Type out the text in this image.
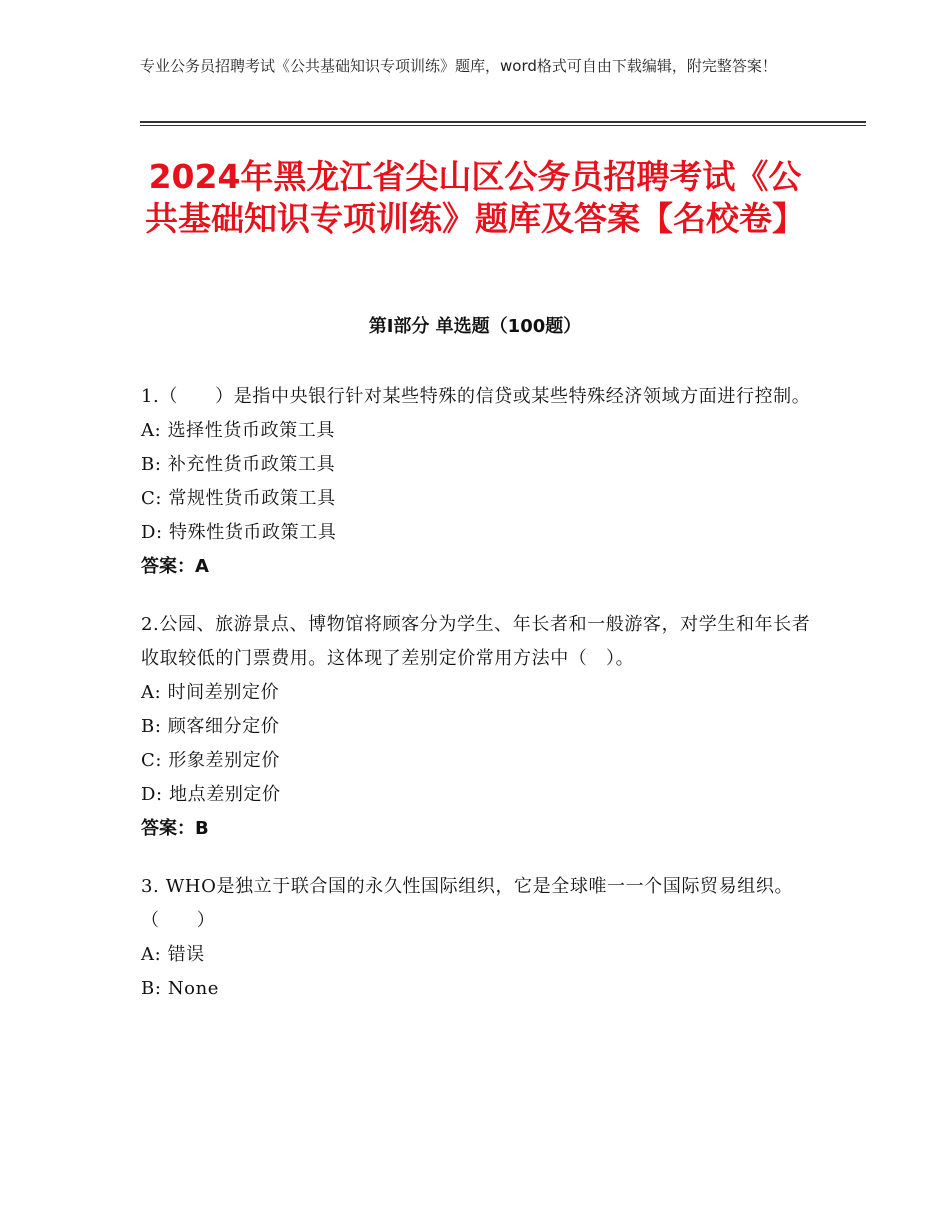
专业公务员招聘考试《公共基础知识专项训练》题库，word格式可自由下载编辑，附完整答案！
2024年黑龙江省尖山区公务员招聘考试《公共基础知识专项训练》题库及答案【名校卷】
第Ⅰ部分 单选题（100题）
1.（　　）是指中央银行针对某些特殊的信贷或某些特殊经济领域方面进行控制。
A: 选择性货币政策工具
B: 补充性货币政策工具
C: 常规性货币政策工具
D: 特殊性货币政策工具
答案：A
2.公园、旅游景点、博物馆将顾客分为学生、年长者和一般游客，对学生和年长者收取较低的门票费用。这体现了差别定价常用方法中（　）。
A: 时间差别定价
B: 顾客细分定价
C: 形象差别定价
D: 地点差别定价
答案：B
3. WHO是独立于联合国的永久性国际组织，它是全球唯一一个国际贸易组织。（　　）
A: 错误
B: None
